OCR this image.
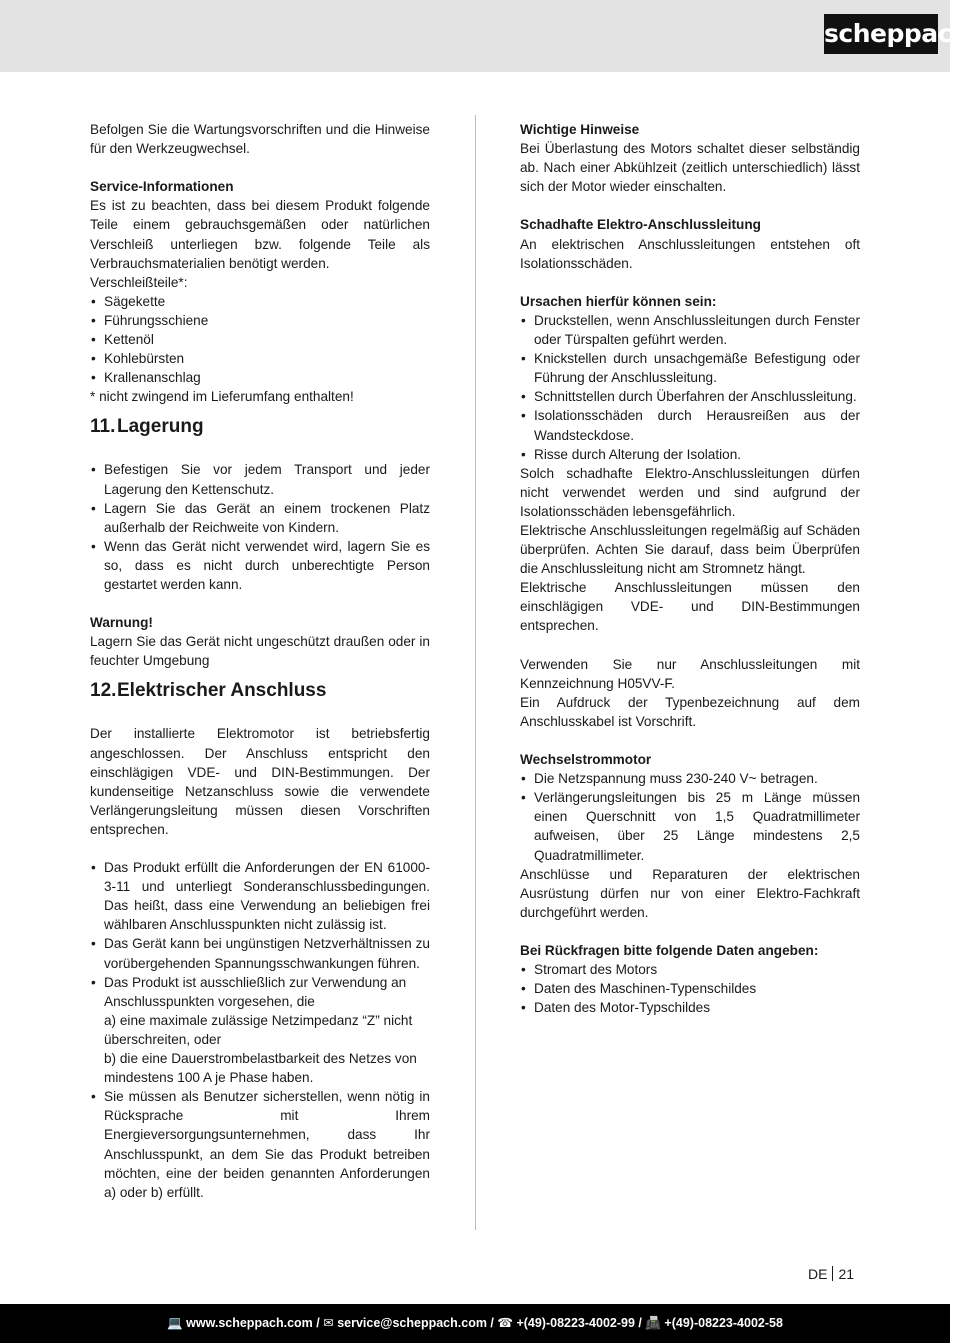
scheppach

Befolgen Sie die Wartungsvorschriften und die Hinweise für den Werkzeugwechsel.

Service-Informationen

Es ist zu beachten, dass bei diesem Produkt folgende Teile einem gebrauchsgemäßen oder natürlichen Verschleiß unterliegen bzw. folgende Teile als Verbrauchsmaterialien benötigt werden.

Verschleißteile*:

• Sägekette
• Führungsschiene
• Kettenöl
• Kohlebürsten
• Krallenanschlag

* nicht zwingend im Lieferumfang enthalten!

11.Lagerung
• Befestigen Sie vor jedem Transport und jeder Lagerung den Kettenschutz.
• Lagern Sie das Gerät an einem trockenen Platz außerhalb der Reichweite von Kindern.
• Wenn das Gerät nicht verwendet wird, lagern Sie es so, dass es nicht durch unberechtigte Person gestartet werden kann.

Warnung!

Lagern Sie das Gerät nicht ungeschützt draußen oder in feuchter Umgebung

12.Elektrischer Anschluss

Der installierte Elektromotor ist betriebsfertig angeschlossen. Der Anschluss entspricht den einschlägigen VDE- und DIN-Bestimmungen. Der kundenseitige Netzanschluss sowie die verwendete Verlängerungsleitung müssen diesen Vorschriften entsprechen.

• Das Produkt erfüllt die Anforderungen der EN 61000-3-11 und unterliegt Sonderanschlussbedingungen. Das heißt, dass eine Verwendung an beliebigen frei wählbaren Anschlusspunkten nicht zulässig ist.
• Das Gerät kann bei ungünstigen Netzverhältnissen zu vorübergehenden Spannungsschwankungen führen.
• Das Produkt ist ausschließlich zur Verwendung an Anschlusspunkten vorgesehen, die
a) eine maximale zulässige Netzimpedanz “Z” nicht überschreiten, oder
b) die eine Dauerstrombelastbarkeit des Netzes von mindestens 100 A je Phase haben.
• Sie müssen als Benutzer sicherstellen, wenn nötig in Rücksprache mit Ihrem Energieversorgungsunternehmen, dass Ihr Anschlusspunkt, an dem Sie das Produkt betreiben möchten, eine der beiden genannten Anforderungen a) oder b) erfüllt.

Wichtige Hinweise

Bei Überlastung des Motors schaltet dieser selbständig ab. Nach einer Abkühlzeit (zeitlich unterschiedlich) lässt sich der Motor wieder einschalten.

Schadhafte Elektro-Anschlussleitung

An elektrischen Anschlussleitungen entstehen oft Isolationsschäden.

Ursachen hierfür können sein:

• Druckstellen, wenn Anschlussleitungen durch Fenster oder Türspalten geführt werden.
• Knickstellen durch unsachgemäße Befestigung oder Führung der Anschlussleitung.
• Schnittstellen durch Überfahren der Anschlussleitung.
• Isolationsschäden durch Herausreißen aus der Wandsteckdose.
• Risse durch Alterung der Isolation.

Solch schadhafte Elektro-Anschlussleitungen dürfen nicht verwendet werden und sind aufgrund der Isolationsschäden lebensgefährlich.

Elektrische Anschlussleitungen regelmäßig auf Schäden überprüfen. Achten Sie darauf, dass beim Überprüfen die Anschlussleitung nicht am Stromnetz hängt.

Elektrische Anschlussleitungen müssen den einschlägigen VDE- und DIN-Bestimmungen entsprechen.

Verwenden Sie nur Anschlussleitungen mit Kennzeichnung H05VV-F.

Ein Aufdruck der Typenbezeichnung auf dem Anschlusskabel ist Vorschrift.

Wechselstrommotor

• Die Netzspannung muss 230-240 V~ betragen.
• Verlängerungsleitungen bis 25 m Länge müssen einen Querschnitt von 1,5 Quadratmillimeter aufweisen, über 25 Länge mindestens 2,5 Quadratmillimeter.

Anschlüsse und Reparaturen der elektrischen Ausrüstung dürfen nur von einer Elektro-Fachkraft durchgeführt werden.

Bei Rückfragen bitte folgende Daten angeben:

• Stromart des Motors
• Daten des Maschinen-Typenschildes
• Daten des Motor-Typschildes
DE 21
💻 www.scheppach.com / ✉ service@scheppach.com / ☎ +(49)-08223-4002-99 / 📠 +(49)-08223-4002-58
